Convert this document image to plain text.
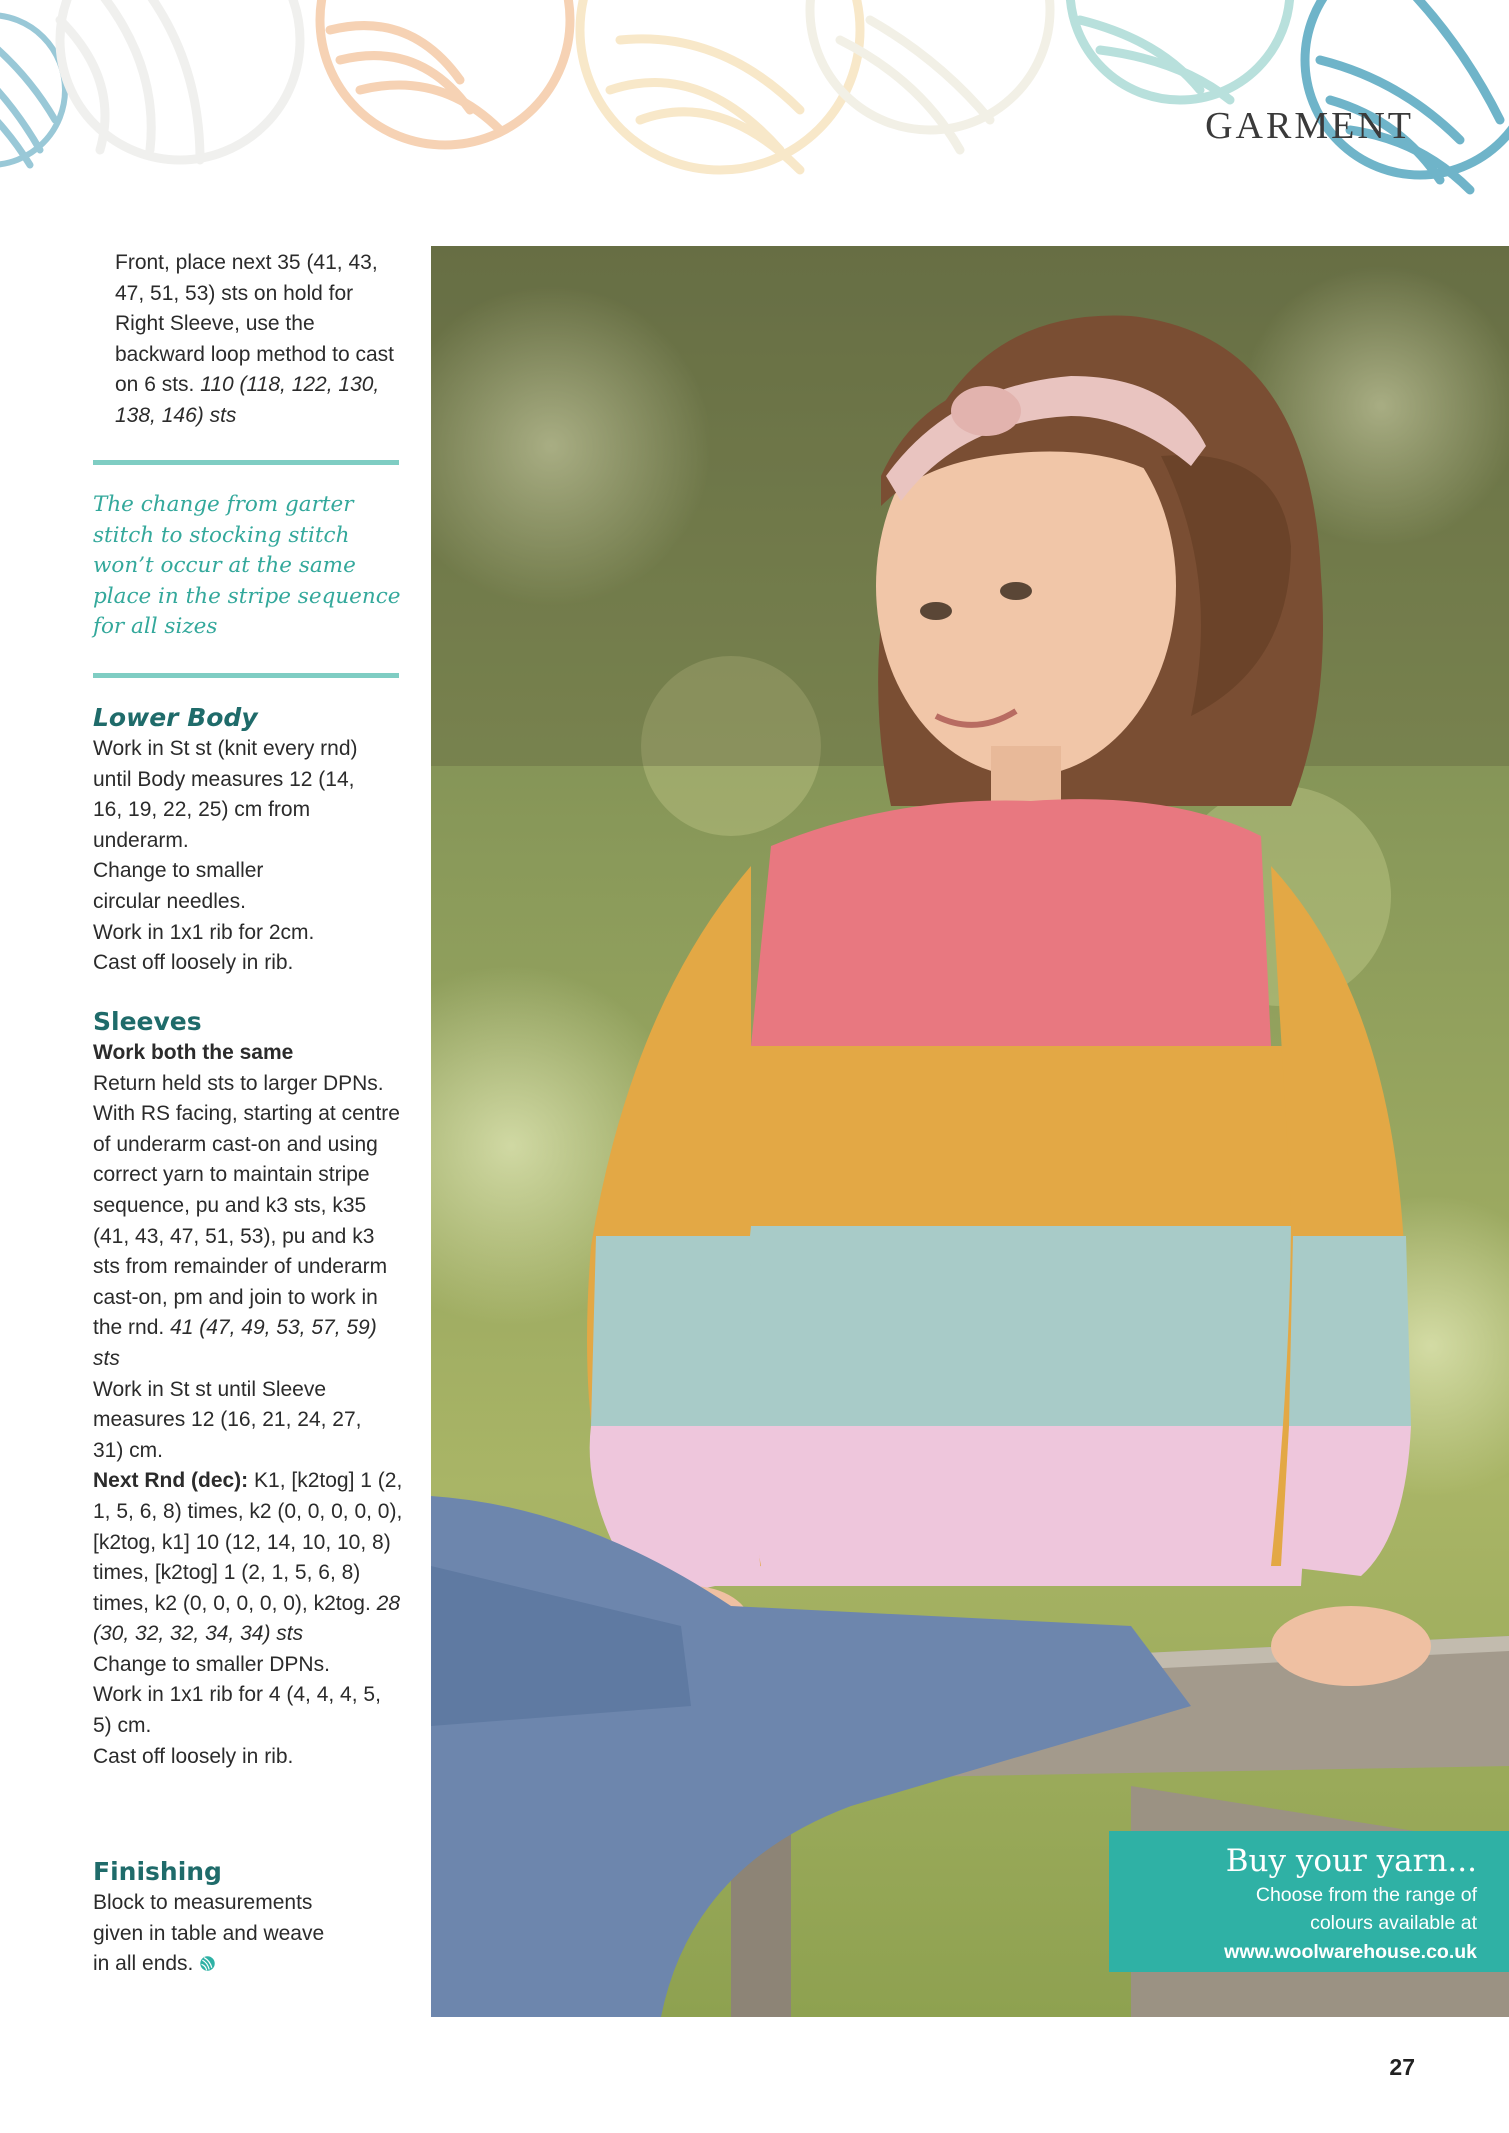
GARMENT

Front, place next 35 (41, 43, 47, 51, 53) sts on hold for Right Sleeve, use the backward loop method to cast on 6 sts. 110 (118, 122, 130, 138, 146) sts

The change from garter stitch to stocking stitch won’t occur at the same place in the stripe sequence for all sizes
Lower Body

Work in St st (knit every rnd) until Body measures 12 (14, 16, 19, 22, 25) cm from underarm.

Change to smaller circular needles.

Work in 1x1 rib for 2cm.

Cast off loosely in rib.

Sleeves

Work both the same

Return held sts to larger DPNs. With RS facing, starting at centre of underarm cast-on and using correct yarn to maintain stripe sequence, pu and k3 sts, k35 (41, 43, 47, 51, 53), pu and k3 sts from remainder of underarm cast-on, pm and join to work in the rnd. 41 (47, 49, 53, 57, 59) sts

Work in St st until Sleeve measures 12 (16, 21, 24, 27, 31) cm.

Next Rnd (dec): K1, [k2tog] 1 (2, 1, 5, 6, 8) times, k2 (0, 0, 0, 0, 0), [k2tog, k1] 10 (12, 14, 10, 10, 8) times, [k2tog] 1 (2, 1, 5, 6, 8) times, k2 (0, 0, 0, 0, 0), k2tog. 28 (30, 32, 32, 34, 34) sts

Change to smaller DPNs.

Work in 1x1 rib for 4 (4, 4, 4, 5, 5) cm.

Cast off loosely in rib.

Finishing

Block to measurements given in table and weave in all ends.

Buy your yarn...
Choose from the range of
colours available at
www.woolwarehouse.co.uk
27
